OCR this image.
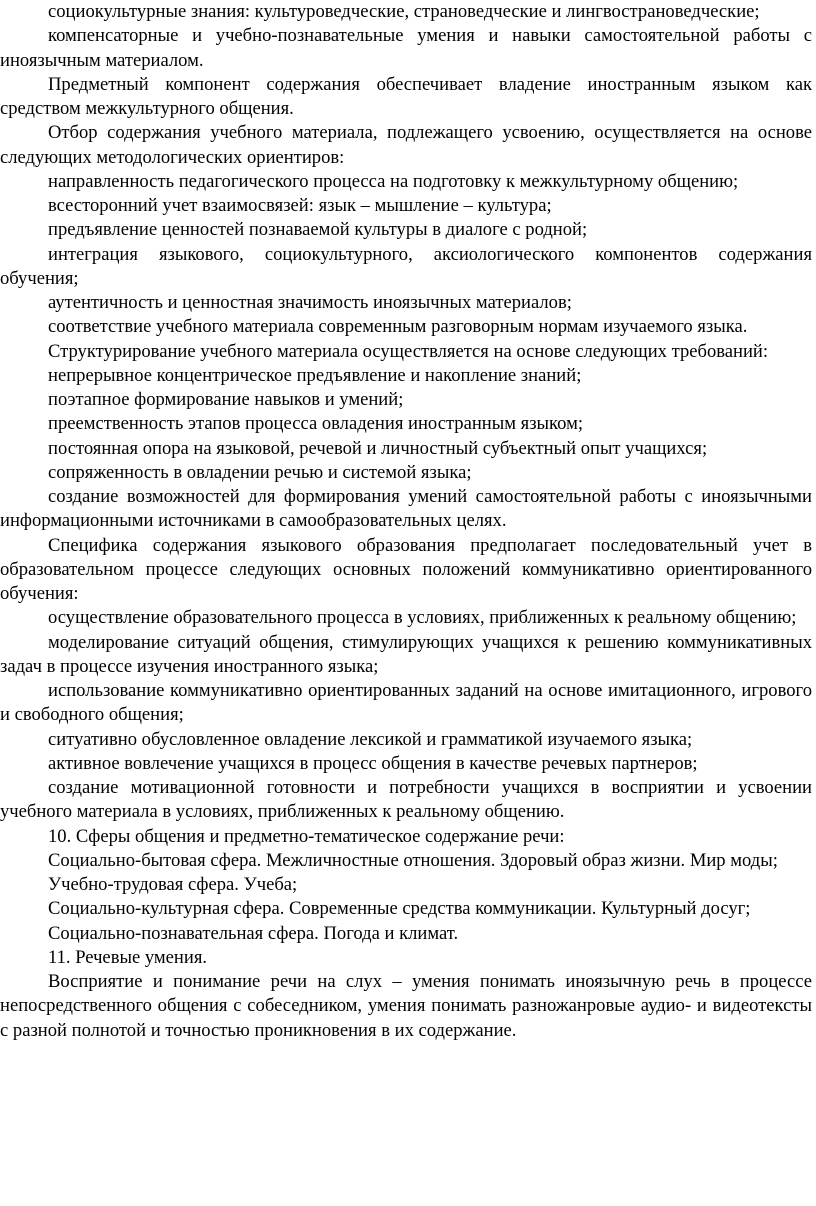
социокультурные знания: культуроведческие, страноведческие и лингвострановедческие;

компенсаторные и учебно-познавательные умения и навыки самостоятельной работы с иноязычным материалом.

Предметный компонент содержания обеспечивает владение иностранным языком как средством межкультурного общения.

Отбор содержания учебного материала, подлежащего усвоению, осуществляется на основе следующих методологических ориентиров:

направленность педагогического процесса на подготовку к межкультурному общению;

всесторонний учет взаимосвязей: язык – мышление – культура;

предъявление ценностей познаваемой культуры в диалоге с родной;

интеграция языкового, социокультурного, аксиологического компонентов содержания обучения;

аутентичность и ценностная значимость иноязычных материалов;

соответствие учебного материала современным разговорным нормам изучаемого языка.

Структурирование учебного материала осуществляется на основе следующих требований:

непрерывное концентрическое предъявление и накопление знаний;

поэтапное формирование навыков и умений;

преемственность этапов процесса овладения иностранным языком;

постоянная опора на языковой, речевой и личностный субъектный опыт учащихся;

сопряженность в овладении речью и системой языка;

создание возможностей для формирования умений самостоятельной работы с иноязычными информационными источниками в самообразовательных целях.

Специфика содержания языкового образования предполагает последовательный учет в образовательном процессе следующих основных положений коммуникативно ориентированного обучения:

осуществление образовательного процесса в условиях, приближенных к реальному общению;

моделирование ситуаций общения, стимулирующих учащихся к решению коммуникативных задач в процессе изучения иностранного языка;

использование коммуникативно ориентированных заданий на основе имитационного, игрового и свободного общения;

ситуативно обусловленное овладение лексикой и грамматикой изучаемого языка;

активное вовлечение учащихся в процесс общения в качестве речевых партнеров;

создание мотивационной готовности и потребности учащихся в восприятии и усвоении учебного материала в условиях, приближенных к реальному общению.

10. Сферы общения и предметно-тематическое содержание речи:

Социально-бытовая сфера. Межличностные отношения. Здоровый образ жизни. Мир моды;

Учебно-трудовая сфера. Учеба;

Социально-культурная сфера. Современные средства коммуникации. Культурный досуг;

Социально-познавательная сфера. Погода и климат.

11. Речевые умения.

Восприятие и понимание речи на слух – умения понимать иноязычную речь в процессе непосредственного общения с собеседником, умения понимать разножанровые аудио- и видеотексты с разной полнотой и точностью проникновения в их содержание.
